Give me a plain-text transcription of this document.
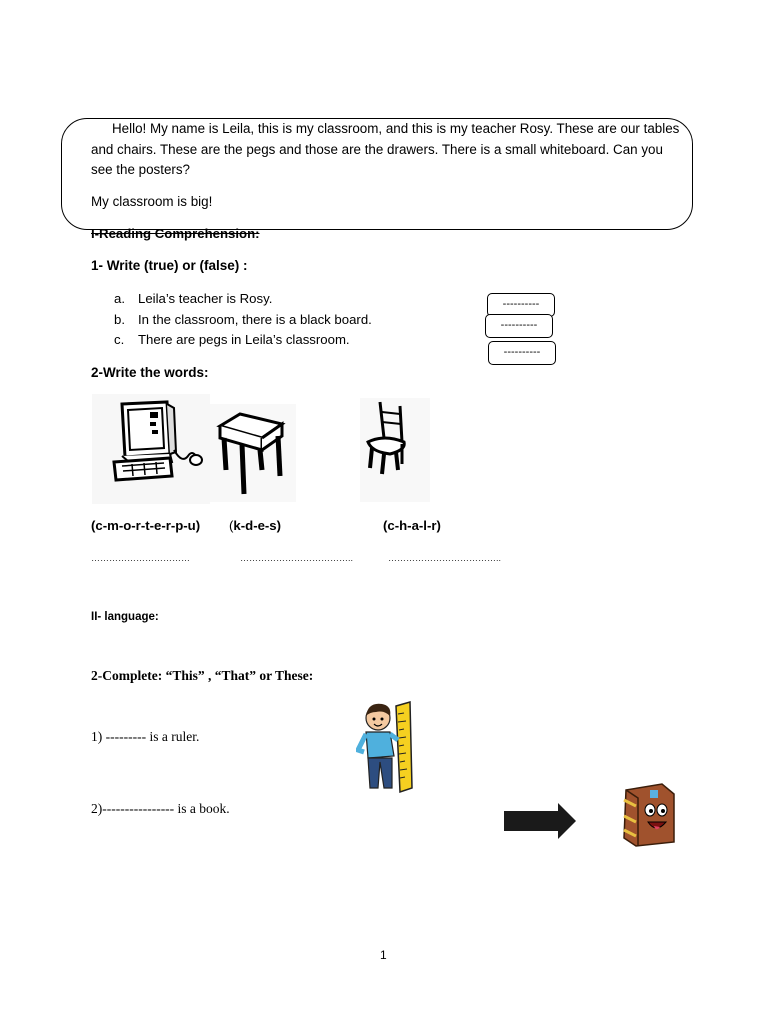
Hello! My name is Leila, this is my classroom, and this is my teacher Rosy. These are our tables and chairs. These are the pegs and those are the drawers. There is a small whiteboard. Can you see the posters?

My classroom is big!

I-Reading Comprehension:
1- Write (true) or (false) :
a. Leila’s teacher is Rosy.
b. In the classroom, there is a black board.
c.	There are pegs in Leila’s classroom.
----------
----------
----------
2-Write the words:
(c-m-o-r-t-e-r-p-u) (k-d-e-s)	(c-h-a-l-r)
……………………………	………………………………..	………………………………..
II- language:
2-Complete: “This” , “That” or These:
1) --------- is a ruler.
2)---------------- is a book.
1
